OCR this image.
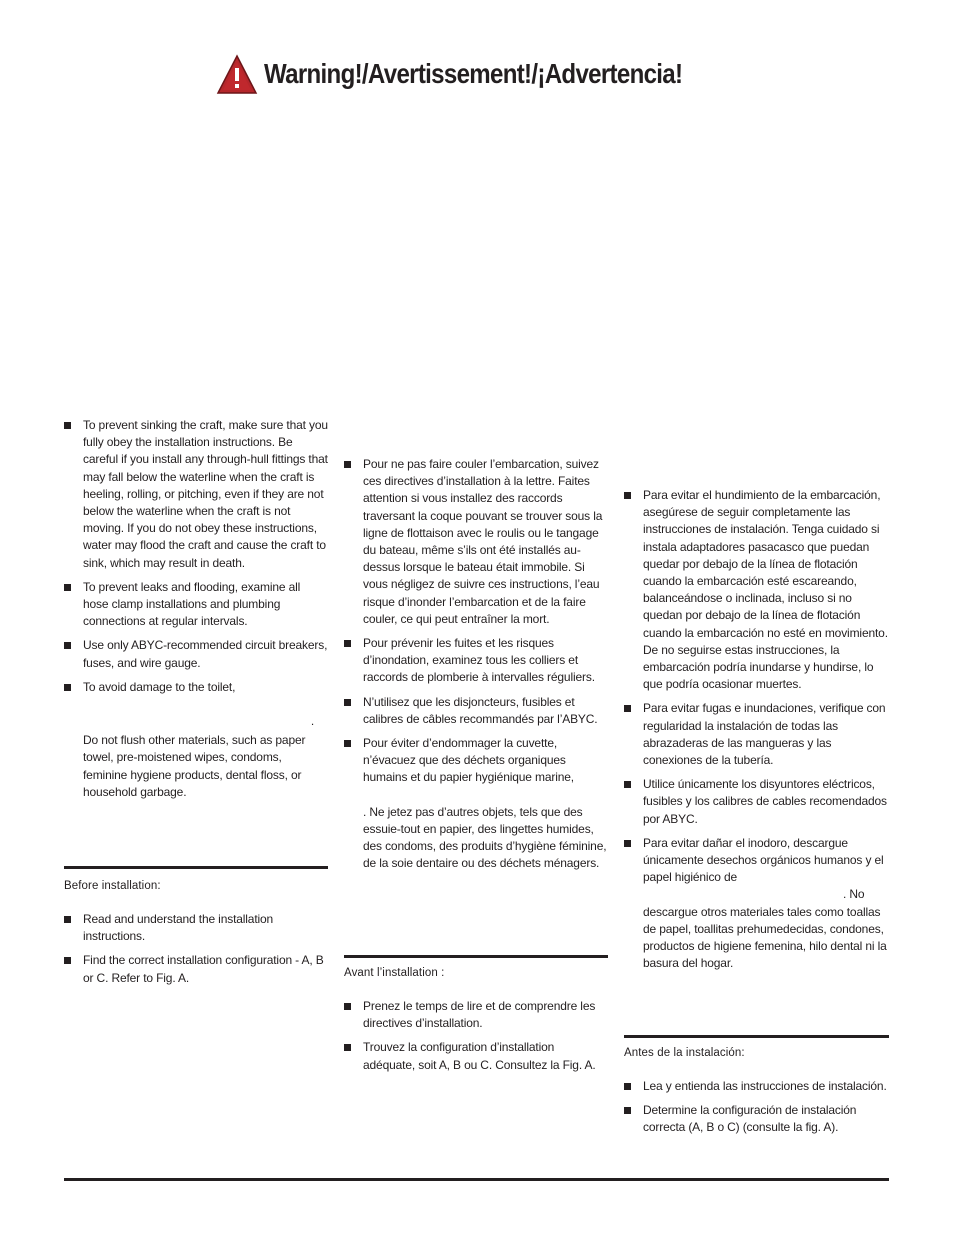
Warning!/Avertissement!/¡Advertencia!
To prevent sinking the craft, make sure that you fully obey the installation instructions. Be careful if you install any through-hull fittings that may fall below the waterline when the craft is heeling, rolling, or pitching, even if they are not below the waterline when the craft is not moving. If you do not obey these instructions, water may flood the craft and cause the craft to sink, which may result in death.
To prevent leaks and flooding, examine all hose clamp installations and plumbing connections at regular intervals.
Use only ABYC-recommended circuit breakers, fuses, and wire gauge.
To avoid damage to the toilet,
.
Do not flush other materials, such as paper towel, pre-moistened wipes, condoms, feminine hygiene products, dental floss, or household garbage.
Before installation:
Read and understand the installation instructions.
Find the correct installation configuration - A, B or C. Refer to Fig. A.
Pour ne pas faire couler l’embarcation, suivez ces directives d’installation à la lettre. Faites attention si vous installez des raccords traversant la coque pouvant se trouver sous la ligne de flottaison avec le roulis ou le tangage du bateau, même s’ils ont été installés au-dessus lorsque le bateau était immobile. Si vous négligez de suivre ces instructions, l’eau risque d’inonder l’embarcation et de la faire couler, ce qui peut entraîner la mort.
Pour prévenir les fuites et les risques d’inondation, examinez tous les colliers et raccords de plomberie à intervalles réguliers.
N’utilisez que les disjoncteurs, fusibles et calibres de câbles recommandés par l’ABYC.
Pour éviter d’endommager la cuvette, n’évacuez que des déchets organiques humains et du papier hygiénique marine,
. Ne jetez pas d’autres objets, tels que des essuie-tout en papier, des lingettes humides, des condoms, des produits d’hygiène féminine, de la soie dentaire ou des déchets ménagers.
Avant l’installation :
Prenez le temps de lire et de comprendre les directives d’installation.
Trouvez la configuration d’installation adéquate, soit A, B ou C. Consultez la Fig. A.
Para evitar el hundimiento de la embarcación, asegúrese de seguir completamente las instrucciones de instalación. Tenga cuidado si instala adaptadores pasacasco que puedan quedar por debajo de la línea de flotación cuando la embarcación esté escareando, balanceándose o inclinada, incluso si no quedan por debajo de la línea de flotación cuando la embarcación no esté en movimiento. De no seguirse estas instrucciones, la embarcación podría inundarse y hundirse, lo que podría ocasionar muertes.
Para evitar fugas e inundaciones, verifique con regularidad la instalación de todas las abrazaderas de las mangueras y las conexiones de la tubería.
Utilice únicamente los disyuntores eléctricos, fusibles y los calibres de cables recomendados por ABYC.
Para evitar dañar el inodoro, descargue únicamente desechos orgánicos humanos y el papel higiénico de
. No descargue otros materiales tales como toallas de papel, toallitas prehumedecidas, condones, productos de higiene femenina, hilo dental ni la basura del hogar.
Antes de la instalación:
Lea y entienda las instrucciones de instalación.
Determine la configuración de instalación correcta (A, B o C) (consulte la fig. A).
